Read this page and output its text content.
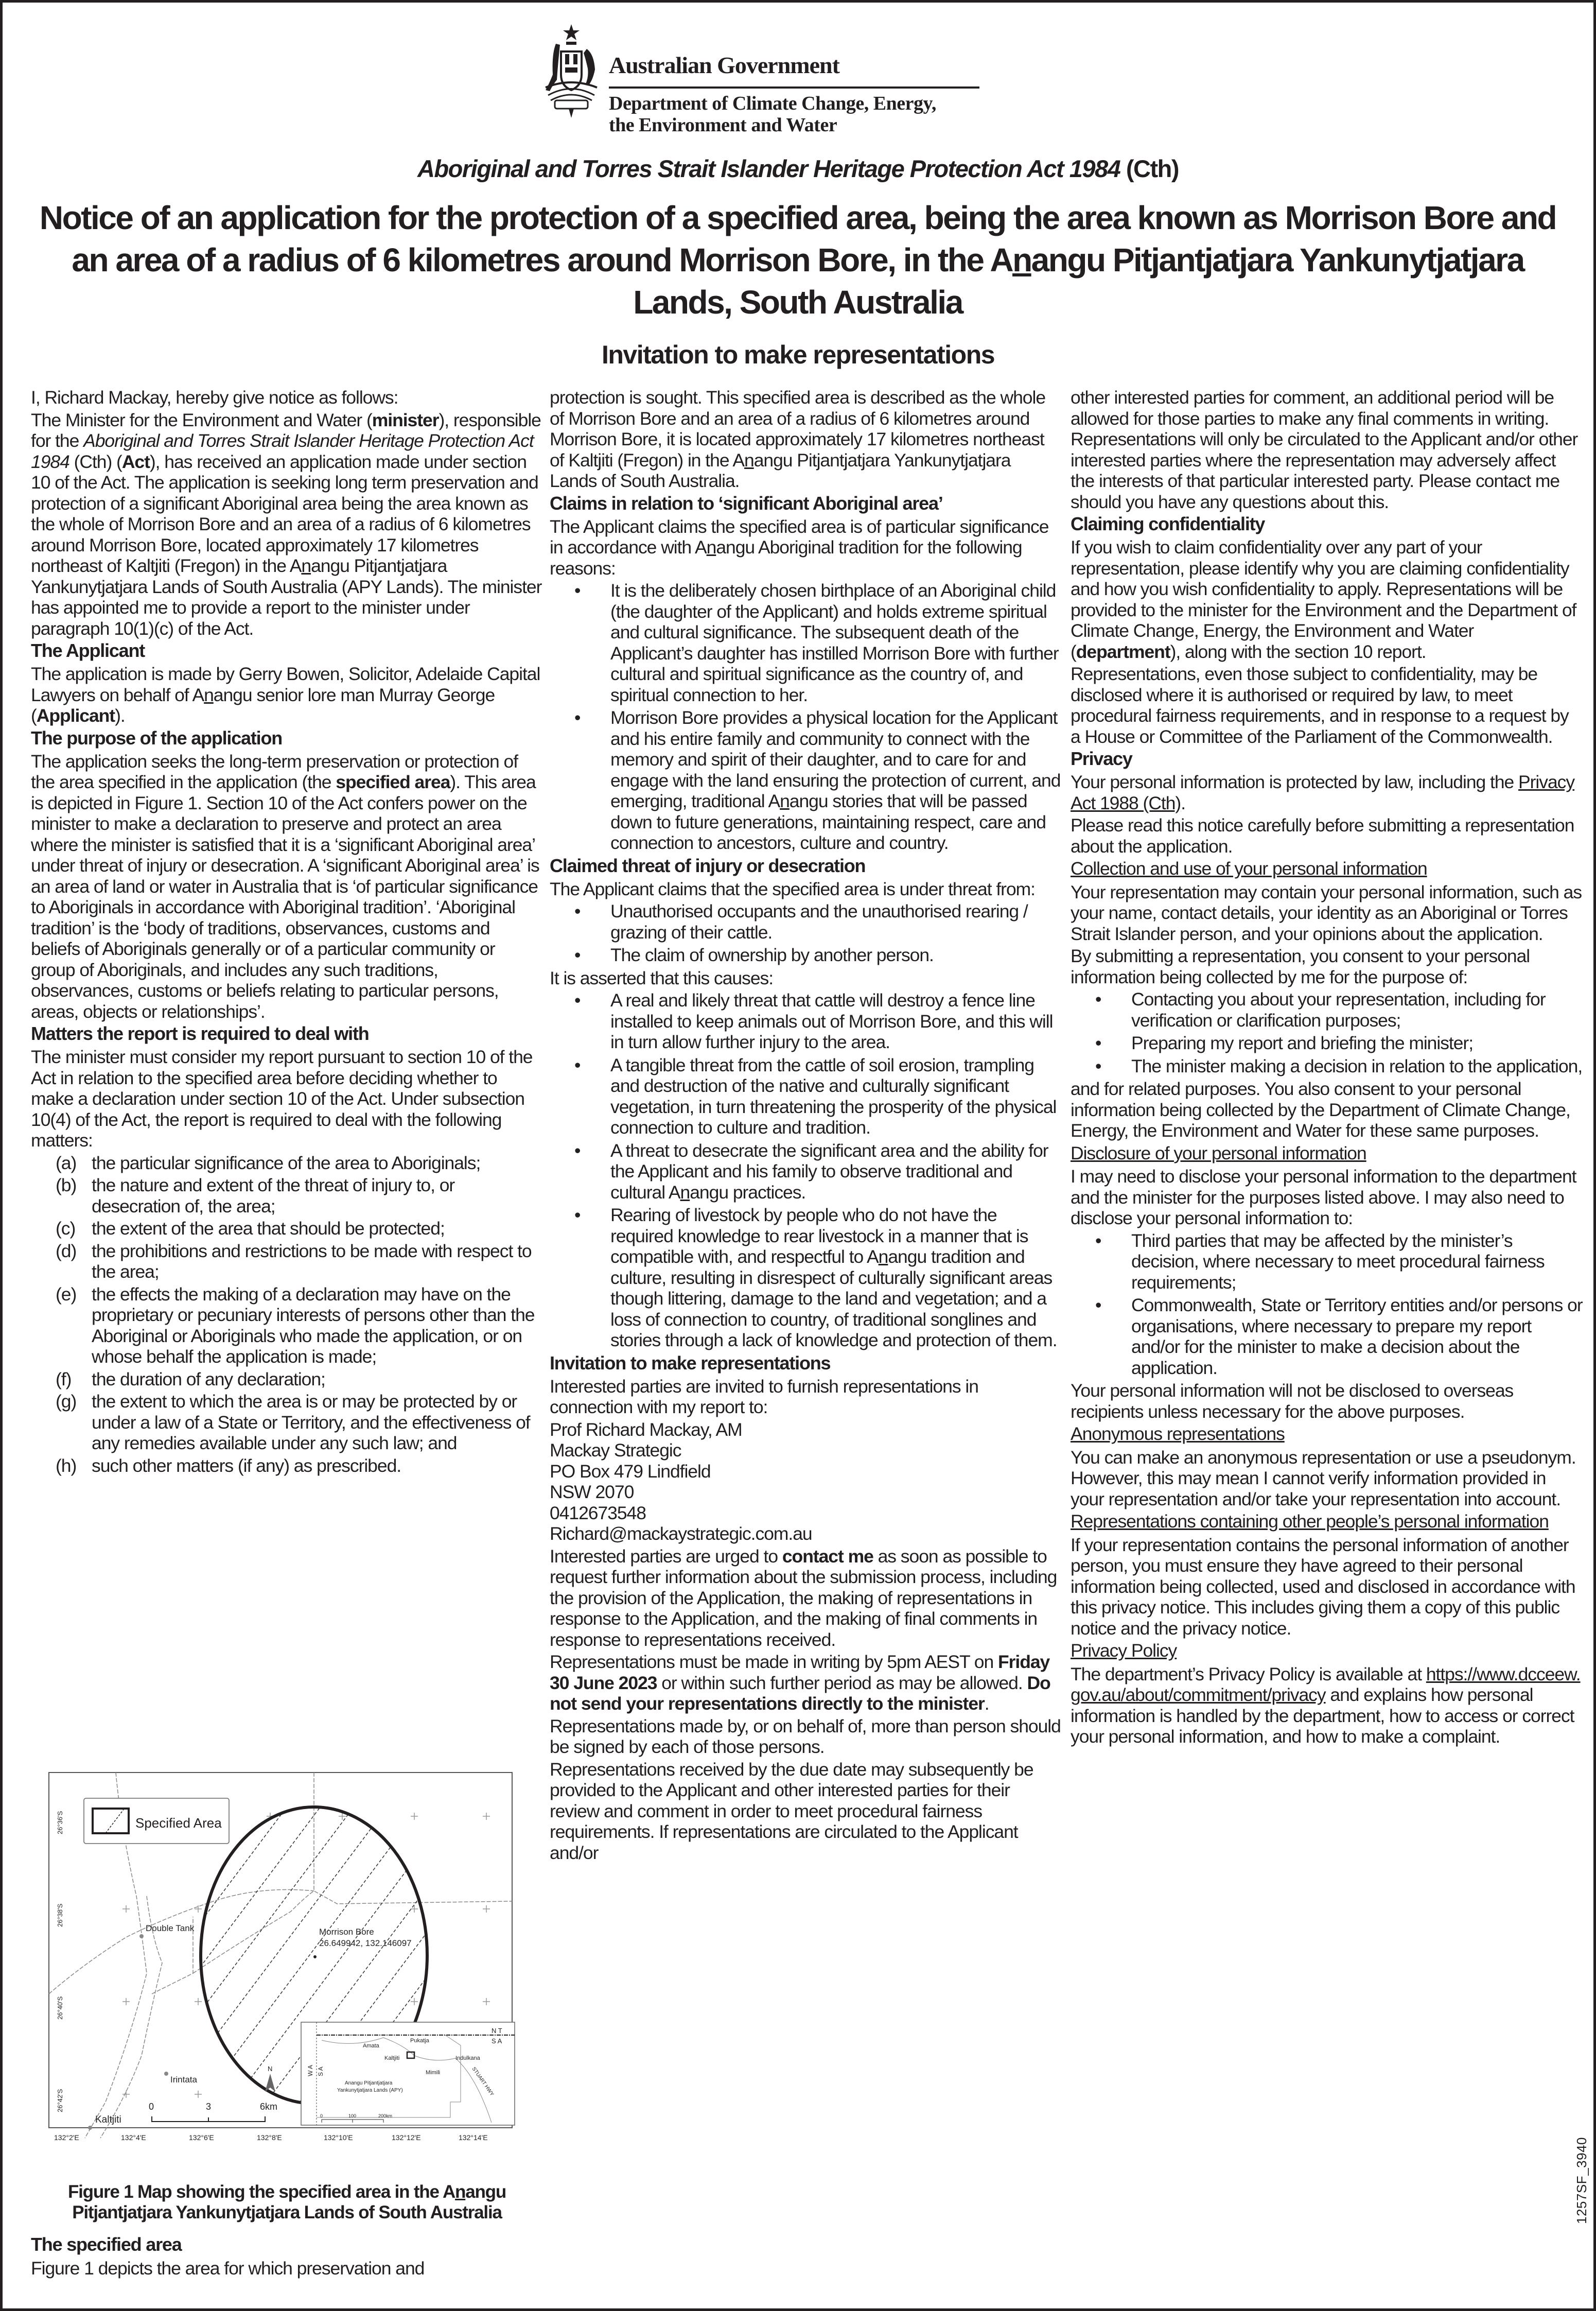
Australian Government
Department of Climate Change, Energy,
the Environment and Water
Aboriginal and Torres Strait Islander Heritage Protection Act 1984 (Cth)
Notice of an application for the protection of a specified area, being the area known as Morrison Bore and an area of a radius of 6 kilometres around Morrison Bore, in the Anangu Pitjantjatjara Yankunytjatjara Lands, South Australia
Invitation to make representations

I, Richard Mackay, hereby give notice as follows:

The Minister for the Environment and Water (minister), responsible for the Aboriginal and Torres Strait Islander Heritage Protection Act 1984 (Cth) (Act), has received an application made under section 10 of the Act. The application is seeking long term preservation and protection of a significant Aboriginal area being the area known as the whole of Morrison Bore and an area of a radius of 6 kilometres around Morrison Bore, located approximately 17 kilometres northeast of Kaltjiti (Fregon) in the Anangu Pitjantjatjara Yankunytjatjara Lands of South Australia (APY Lands). The minister has appointed me to provide a report to the minister under paragraph 10(1)(c) of the Act.

The Applicant

The application is made by Gerry Bowen, Solicitor, Adelaide Capital Lawyers on behalf of Anangu senior lore man Murray George (Applicant).

The purpose of the application

The application seeks the long-term preservation or protection of the area specified in the application (the specified area). This area is depicted in Figure 1. Section 10 of the Act confers power on the minister to make a declaration to preserve and protect an area where the minister is satisfied that it is a ‘significant Aboriginal area’ under threat of injury or desecration. A ‘significant Aboriginal area’ is an area of land or water in Australia that is ‘of particular significance to Aboriginals in accordance with Aboriginal tradition’. ‘Aboriginal tradition’ is the ‘body of traditions, observances, customs and beliefs of Aboriginals generally or of a particular community or group of Aboriginals, and includes any such traditions, observances, customs or beliefs relating to particular persons, areas, objects or relationships’.

Matters the report is required to deal with

The minister must consider my report pursuant to section 10 of the Act in relation to the specified area before deciding whether to make a declaration under section 10 of the Act. Under subsection 10(4) of the Act, the report is required to deal with the following matters:

(a) the particular significance of the area to Aboriginals;
(b) the nature and extent of the threat of injury to, or desecration of, the area;
(c) the extent of the area that should be protected;
(d) the prohibitions and restrictions to be made with respect to the area;
(e) the effects the making of a declaration may have on the proprietary or pecuniary interests of persons other than the Aboriginal or Aboriginals who made the application, or on whose behalf the application is made;
(f) the duration of any declaration;
(g) the extent to which the area is or may be protected by or under a law of a State or Territory, and the effectiveness of any remedies available under any such law; and
(h) such other matters (if any) as prescribed.
Morrison Bore
26.649942, 132.146097
Double Tank
Irintata
Kaltjiti
Specified Area
26°36'S
26°38'S
26°40'S
26°42'S
132°2'E	132°4'E	132°6'E	132°8'E	132°10'E	132°12'E	132°14'E
0	3	6km
N
N T
S A
W A S A
Amata
Pukatja
Kaltjiti	Indulkana
Mimili	STUART HWY
Anangu Pitjantjatjara
Yankunytjatjara Lands (APY)
0	100	200km
Figure 1 Map showing the specified area in the Anangu Pitjantjatjara Yankunytjatjara Lands of South Australia
The specified area

Figure 1 depicts the area for which preservation and

protection is sought. This specified area is described as the whole of Morrison Bore and an area of a radius of 6 kilometres around Morrison Bore, it is located approximately 17 kilometres northeast of Kaltjiti (Fregon) in the Anangu Pitjantjatjara Yankunytjatjara Lands of South Australia.

Claims in relation to ‘significant Aboriginal area’

The Applicant claims the specified area is of particular significance in accordance with Anangu Aboriginal tradition for the following reasons:

• It is the deliberately chosen birthplace of an Aboriginal child (the daughter of the Applicant) and holds extreme spiritual and cultural significance. The subsequent death of the Applicant’s daughter has instilled Morrison Bore with further cultural and spiritual significance as the country of, and spiritual connection to her.
• Morrison Bore provides a physical location for the Applicant and his entire family and community to connect with the memory and spirit of their daughter, and to care for and engage with the land ensuring the protection of current, and emerging, traditional Anangu stories that will be passed down to future generations, maintaining respect, care and connection to ancestors, culture and country.
Claimed threat of injury or desecration

The Applicant claims that the specified area is under threat from:

• Unauthorised occupants and the unauthorised rearing / grazing of their cattle.
• The claim of ownership by another person.

It is asserted that this causes:

• A real and likely threat that cattle will destroy a fence line installed to keep animals out of Morrison Bore, and this will in turn allow further injury to the area.
• A tangible threat from the cattle of soil erosion, trampling and destruction of the native and culturally significant vegetation, in turn threatening the prosperity of the physical connection to culture and tradition.
• A threat to desecrate the significant area and the ability for the Applicant and his family to observe traditional and cultural Anangu practices.
• Rearing of livestock by people who do not have the required knowledge to rear livestock in a manner that is compatible with, and respectful to Anangu tradition and culture, resulting in disrespect of culturally significant areas though littering, damage to the land and vegetation; and a loss of connection to country, of traditional songlines and stories through a lack of knowledge and protection of them.
Invitation to make representations

Interested parties are invited to furnish representations in connection with my report to:

Prof Richard Mackay, AM

Mackay Strategic

PO Box 479 Lindfield

NSW 2070

0412673548

Richard@mackaystrategic.com.au

Interested parties are urged to contact me as soon as possible to request further information about the submission process, including the provision of the Application, the making of representations in response to the Application, and the making of final comments in response to representations received.

Representations must be made in writing by 5pm AEST on Friday 30 June 2023 or within such further period as may be allowed. Do not send your representations directly to the minister.

Representations made by, or on behalf of, more than person should be signed by each of those persons.

Representations received by the due date may subsequently be provided to the Applicant and other interested parties for their review and comment in order to meet procedural fairness requirements. If representations are circulated to the Applicant and/or

other interested parties for comment, an additional period will be allowed for those parties to make any final comments in writing. Representations will only be circulated to the Applicant and/or other interested parties where the representation may adversely affect the interests of that particular interested party. Please contact me should you have any questions about this.

Claiming confidentiality

If you wish to claim confidentiality over any part of your representation, please identify why you are claiming confidentiality and how you wish confidentiality to apply. Representations will be provided to the minister for the Environment and the Department of Climate Change, Energy, the Environment and Water (department), along with the section 10 report.

Representations, even those subject to confidentiality, may be disclosed where it is authorised or required by law, to meet procedural fairness requirements, and in response to a request by a House or Committee of the Parliament of the Commonwealth.

Privacy

Your personal information is protected by law, including the Privacy Act 1988 (Cth).

Please read this notice carefully before submitting a representation about the application.

Collection and use of your personal information

Your representation may contain your personal information, such as your name, contact details, your identity as an Aboriginal or Torres Strait Islander person, and your opinions about the application.

By submitting a representation, you consent to your personal information being collected by me for the purpose of:

• Contacting you about your representation, including for verification or clarification purposes;
• Preparing my report and briefing the minister;
• The minister making a decision in relation to the application,

and for related purposes. You also consent to your personal information being collected by the Department of Climate Change, Energy, the Environment and Water for these same purposes.

Disclosure of your personal information

I may need to disclose your personal information to the department and the minister for the purposes listed above. I may also need to disclose your personal information to:

• Third parties that may be affected by the minister’s decision, where necessary to meet procedural fairness requirements;
• Commonwealth, State or Territory entities and/or persons or organisations, where necessary to prepare my report and/or for the minister to make a decision about the application.

Your personal information will not be disclosed to overseas recipients unless necessary for the above purposes.

Anonymous representations

You can make an anonymous representation or use a pseudonym. However, this may mean I cannot verify information provided in your representation and/or take your representation into account.

Representations containing other people’s personal information

If your representation contains the personal information of another person, you must ensure they have agreed to their personal information being collected, used and disclosed in accordance with this privacy notice. This includes giving them a copy of this public notice and the privacy notice.

Privacy Policy

The department’s Privacy Policy is available at https://www.dcceew.gov.au/about/commitment/privacy and explains how personal information is handled by the department, how to access or correct your personal information, and how to make a complaint.

1257SF_3940
